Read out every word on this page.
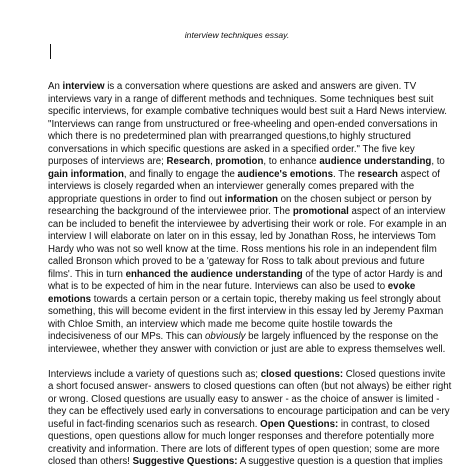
interview techniques essay.
An interview is a conversation where questions are asked and answers are given. TV
interviews vary in a range of different methods and techniques. Some techniques best suit
specific interviews, for example combative techniques would best suit a Hard News interview.
"Interviews can range from unstructured or free-wheeling and open-ended conversations in
which there is no predetermined plan with prearranged questions,to highly structured
conversations in which specific questions are asked in a specified order." The five key
purposes of interviews are; Research, promotion, to enhance audience understanding, to
gain information, and finally to engage the audience's emotions. The research aspect of
interviews is closely regarded when an interviewer generally comes prepared with the
appropriate questions in order to find out information on the chosen subject or person by
researching the background of the interviewee prior. The promotional aspect of an interview
can be included to benefit the interviewee by advertising their work or role. For example in an
interview I will elaborate on later on in this essay, led by Jonathan Ross, he interviews Tom
Hardy who was not so well know at the time. Ross mentions his role in an independent film
called Bronson which proved to be a 'gateway for Ross to talk about previous and future
films'. This in turn enhanced the audience understanding of the type of actor Hardy is and
what is to be expected of him in the near future. Interviews can also be used to evoke
emotions towards a certain person or a certain topic, thereby making us feel strongly about
something, this will become evident in the first interview in this essay led by Jeremy Paxman
with Chloe Smith, an interview which made me become quite hostile towards the
indecisiveness of our MPs. This can obviously be largely influenced by the response on the
interviewee, whether they answer with conviction or just are able to express themselves well.
Interviews include a variety of questions such as; closed questions: Closed questions invite
a short focused answer- answers to closed questions can often (but not always) be either right
or wrong. Closed questions are usually easy to answer - as the choice of answer is limited -
they can be effectively used early in conversations to encourage participation and can be very
useful in fact-finding scenarios such as research. Open Questions: in contrast, to closed
questions, open questions allow for much longer responses and therefore potentially more
creativity and information. There are lots of different types of open question; some are more
closed than others! Suggestive Questions: A suggestive question is a question that implies
